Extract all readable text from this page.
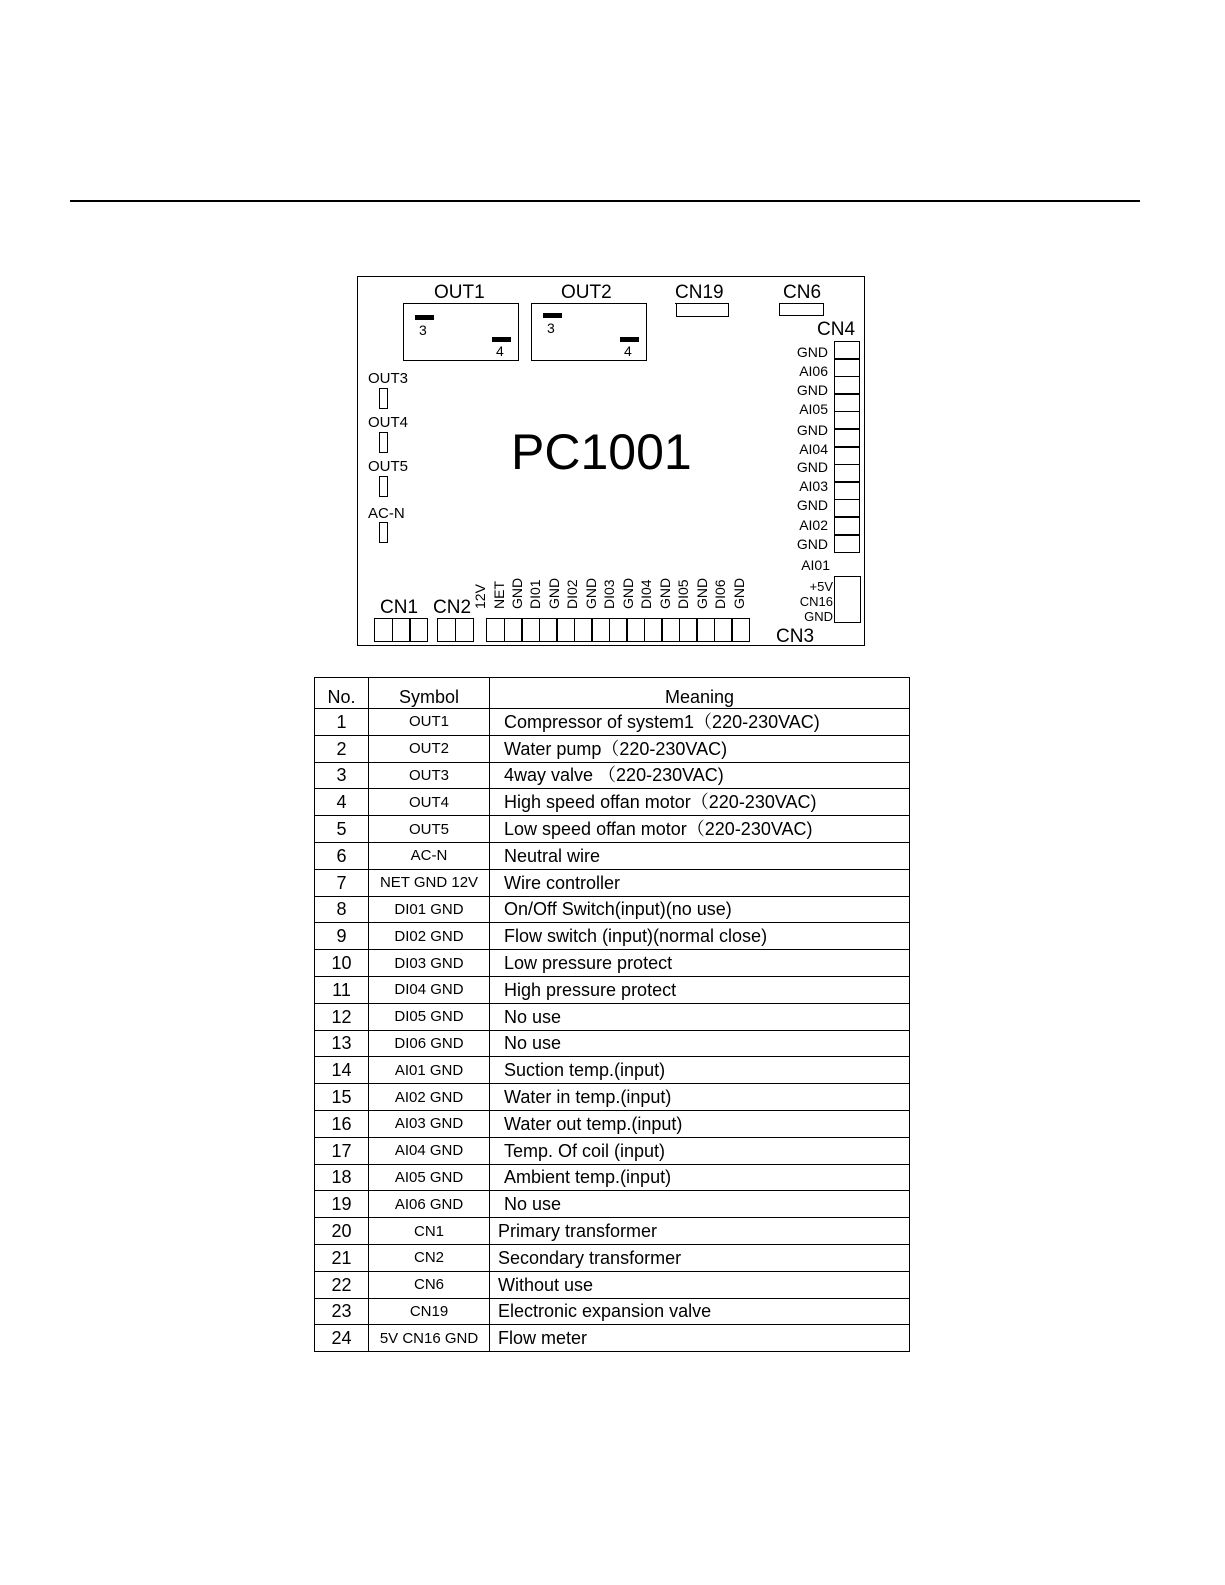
OUT1
3
4
OUT2
3
4
CN19	CN6
CN4
OUT3
OUT4
OUT5
AC-N
PC1001
GND
AI06
GND
AI05
GND
AI04
GND
AI03
GND
AI02
GND
AI01
+5V
CN16
GND
CN1 CN2
CN3
12V NET GND DI01 GND DI02 GND DI03 GND DI04 GND DI05 GND DI06 GND
No.	Symbol	Meaning
1	OUT1	Compressor of system1（220-230VAC)
2	OUT2	Water pump（220-230VAC)
3	OUT3	4way valve （220-230VAC)
4	OUT4	High speed offan motor（220-230VAC)
5	OUT5	Low speed offan motor（220-230VAC)
6	AC-N	Neutral wire
7	NET GND 12V	Wire controller
8	DI01 GND	On/Off Switch(input)(no use)
9	DI02 GND	Flow switch (input)(normal close)
10	DI03 GND	Low pressure protect
11	DI04 GND	High pressure protect
12	DI05 GND	No use
13	DI06 GND	No use
14	AI01 GND	Suction temp.(input)
15	AI02 GND	Water in temp.(input)
16	AI03 GND	Water out temp.(input)
17	AI04 GND	Temp. Of coil (input)
18	AI05 GND	Ambient temp.(input)
19	AI06 GND	No use
20	CN1	Primary transformer
21	CN2	Secondary transformer
22	CN6	Without use
23	CN19	Electronic expansion valve
24	5V CN16 GND	Flow meter
